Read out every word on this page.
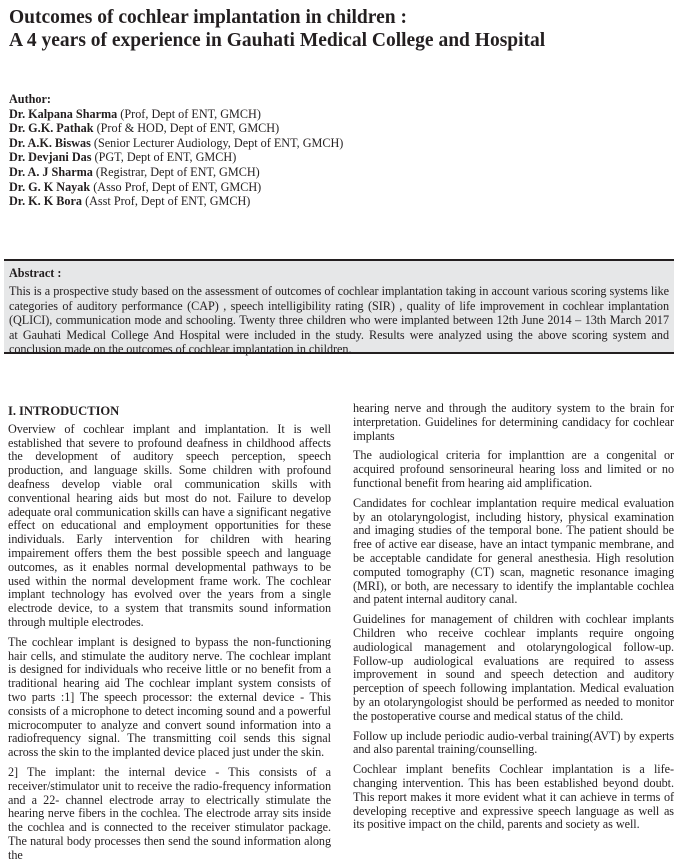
Outcomes of cochlear implantation in children :
A 4 years of experience in Gauhati Medical College and Hospital
Author:
Dr. Kalpana Sharma (Prof, Dept of ENT, GMCH)
Dr. G.K. Pathak (Prof & HOD, Dept of ENT, GMCH)
Dr. A.K. Biswas (Senior Lecturer Audiology, Dept of ENT, GMCH)
Dr. Devjani Das (PGT, Dept of ENT, GMCH)
Dr. A. J Sharma (Registrar, Dept of ENT, GMCH)
Dr. G. K Nayak (Asso Prof, Dept of ENT, GMCH)
Dr. K. K Bora (Asst Prof, Dept of ENT, GMCH)
Abstract :
This is a prospective study based on the assessment of outcomes of cochlear implantation taking in account various scoring systems like categories of auditory performance (CAP) , speech intelligibility rating (SIR) , quality of life improvement in cochlear implantation (QLICI), communication mode and schooling. Twenty three children who were implanted between 12th June 2014 – 13th March 2017 at Gauhati Medical College And Hospital were included in the study. Results were analyzed using the above scoring system and conclusion made on the outcomes of cochlear implantation in children.
I. INTRODUCTION

Overview of cochlear implant and implantation. It is well established that severe to profound deafness in childhood affects the development of auditory speech perception, speech production, and language skills. Some children with profound deafness develop viable oral communication skills with conventional hearing aids but most do not. Failure to develop adequate oral communication skills can have a significant negative effect on educational and employment opportunities for these individuals. Early intervention for children with hearing impairement offers them the best possible speech and language outcomes, as it enables normal developmental pathways to be used within the normal development frame work. The cochlear implant technology has evolved over the years from a single electrode device, to a system that transmits sound information through multiple electrodes.

The cochlear implant is designed to bypass the non-functioning hair cells, and stimulate the auditory nerve. The cochlear implant is designed for individuals who receive little or no benefit from a traditional hearing aid The cochlear implant system consists of two parts :1] The speech processor: the external device - This consists of a microphone to detect incoming sound and a powerful microcomputer to analyze and convert sound information into a radiofrequency signal. The transmitting coil sends this signal across the skin to the implanted device placed just under the skin.

2] The implant: the internal device - This consists of a receiver/stimulator unit to receive the radio-frequency information and a 22- channel electrode array to electrically stimulate the hearing nerve fibers in the cochlea. The electrode array sits inside the cochlea and is connected to the receiver stimulator package. The natural body processes then send the sound information along the

hearing nerve and through the auditory system to the brain for interpretation. Guidelines for determining candidacy for cochlear implants

The audiological criteria for implanttion are a congenital or acquired profound sensorineural hearing loss and limited or no functional benefit from hearing aid amplification.

Candidates for cochlear implantation require medical evaluation by an otolaryngologist, including history, physical examination and imaging studies of the temporal bone. The patient should be free of active ear disease, have an intact tympanic membrane, and be acceptable candidate for general anesthesia. High resolution computed tomography (CT) scan, magnetic resonance imaging (MRI), or both, are necessary to identify the implantable cochlea and patent internal auditory canal.

Guidelines for management of children with cochlear implants Children who receive cochlear implants require ongoing audiological management and otolaryngological follow-up. Follow-up audiological evaluations are required to assess improvement in sound and speech detection and auditory perception of speech following implantation. Medical evaluation by an otolaryngologist should be performed as needed to monitor the postoperative course and medical status of the child.

Follow up include periodic audio-verbal training(AVT) by experts and also parental training/counselling.

Cochlear implant benefits Cochlear implantation is a life- changing intervention. This has been established beyond doubt. This report makes it more evident what it can achieve in terms of developing receptive and expressive speech language as well as its positive impact on the child, parents and society as well.
